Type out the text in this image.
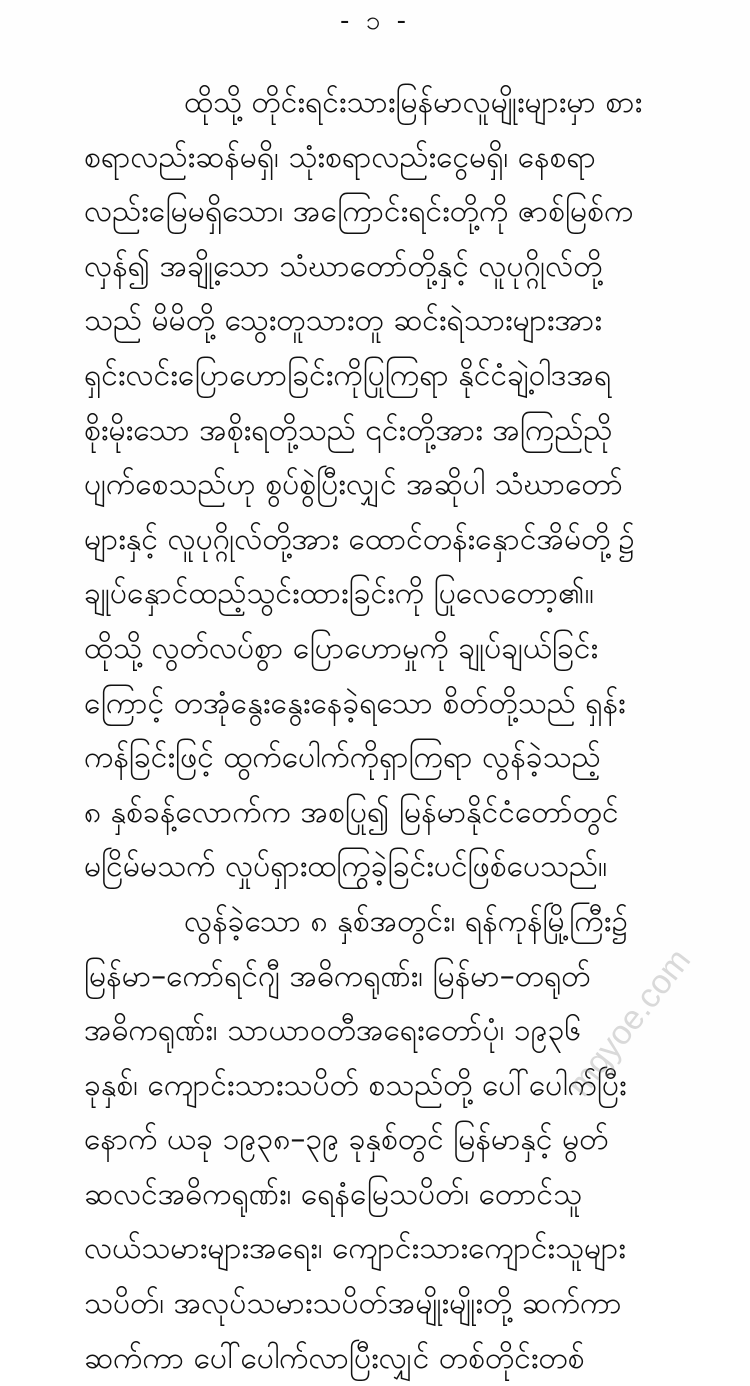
- ၁ -
ထိုသို့ တိုင်းရင်းသားမြန်မာလူမျိုးများမှာ စား
စရာလည်းဆန်မရှိ၊ သုံးစရာလည်းငွေမရှိ၊ နေစရာ
လည်းမြေမရှိသော၊ အကြောင်းရင်းတို့ကို ဇာစ်မြစ်က
လှန်၍ အချို့သော သံဃာတော်တို့နှင့် လူပုဂ္ဂိုလ်တို့
သည် မိမိတို့ သွေးတူသားတူ ဆင်းရဲသားများအား
ရှင်းလင်းပြောဟောခြင်းကိုပြုကြရာ နိုင်ငံချဲ့ဝါဒအရ
စိုးမိုးသော အစိုးရတို့သည် ၎င်းတို့အား အကြည်ညို
ပျက်စေသည်ဟု စွပ်စွဲပြီးလျှင် အဆိုပါ သံဃာတော်
များနှင့် လူပုဂ္ဂိုလ်တို့အား ထောင်တန်းနှောင်အိမ်တို့၌
ချုပ်နှောင်ထည့်သွင်းထားခြင်းကို ပြုလေတော့၏။
ထိုသို့ လွတ်လပ်စွာ ပြောဟောမှုကို ချုပ်ချယ်ခြင်း
ကြောင့် တအုံနွေးနွေးနေခဲ့ရသော စိတ်တို့သည် ရှန်း
ကန်ခြင်းဖြင့် ထွက်ပေါက်ကိုရှာကြရာ လွန်ခဲ့သည့်
၈ နှစ်ခန့်လောက်က အစပြု၍ မြန်မာနိုင်ငံတော်တွင်
မငြိမ်မသက် လှုပ်ရှားထကြွခဲ့ခြင်းပင်ဖြစ်ပေသည်။
လွန်ခဲ့သော ၈ နှစ်အတွင်း၊ ရန်ကုန်မြို့ကြီး၌
မြန်မာ–ကော်ရင်ဂျီ အဓိကရုဏ်း၊ မြန်မာ–တရုတ်
အဓိကရုဏ်း၊ သာယာဝတီအရေးတော်ပုံ၊ ၁၉၃၆
ခုနှစ်၊ ကျောင်းသားသပိတ် စသည်တို့ ပေါ်ပေါက်ပြီး
နောက် ယခု ၁၉၃၈–၃၉ ခုနှစ်တွင် မြန်မာနှင့် မွတ်
ဆလင်အဓိကရုဏ်း၊ ရေနံမြေသပိတ်၊ တောင်သူ
လယ်သမားများအရေး၊ ကျောင်းသားကျောင်းသူများ
သပိတ်၊ အလုပ်သမားသပိတ်အမျိုးမျိုးတို့ ဆက်ကာ
ဆက်ကာ ပေါ်ပေါက်လာပြီးလျှင် တစ်တိုင်းတစ်
mgyoe.com
